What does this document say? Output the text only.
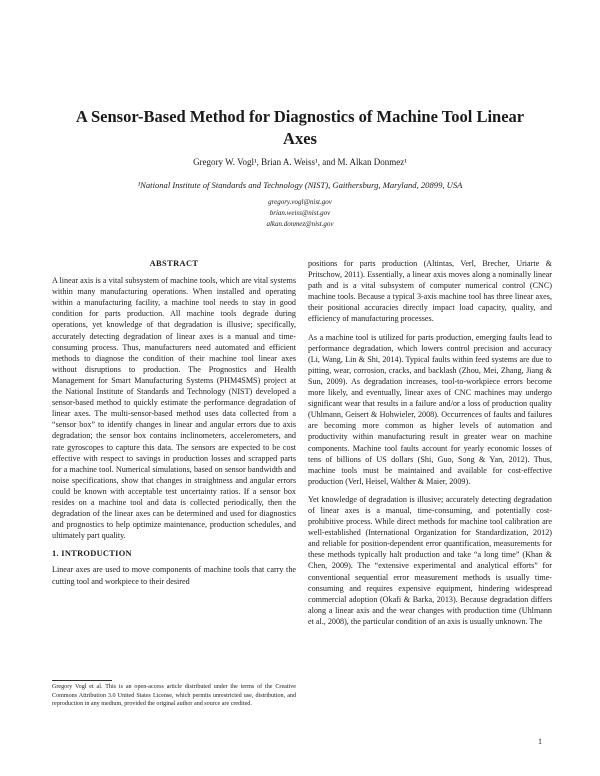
A Sensor-Based Method for Diagnostics of Machine Tool Linear Axes
Gregory W. Vogl¹, Brian A. Weiss¹, and M. Alkan Donmez¹
¹National Institute of Standards and Technology (NIST), Gaithersburg, Maryland, 20899, USA
gregory.vogl@nist.gov
brian.weiss@nist.gov
alkan.donmez@nist.gov
ABSTRACT

A linear axis is a vital subsystem of machine tools, which are vital systems within many manufacturing operations. When installed and operating within a manufacturing facility, a machine tool needs to stay in good condition for parts production. All machine tools degrade during operations, yet knowledge of that degradation is illusive; specifically, accurately detecting degradation of linear axes is a manual and time-consuming process. Thus, manufacturers need automated and efficient methods to diagnose the condition of their machine tool linear axes without disruptions to production. The Prognostics and Health Management for Smart Manufacturing Systems (PHM4SMS) project at the National Institute of Standards and Technology (NIST) developed a sensor-based method to quickly estimate the performance degradation of linear axes. The multi-sensor-based method uses data collected from a “sensor box” to identify changes in linear and angular errors due to axis degradation; the sensor box contains inclinometers, accelerometers, and rate gyroscopes to capture this data. The sensors are expected to be cost effective with respect to savings in production losses and scrapped parts for a machine tool. Numerical simulations, based on sensor bandwidth and noise specifications, show that changes in straightness and angular errors could be known with acceptable test uncertainty ratios. If a sensor box resides on a machine tool and data is collected periodically, then the degradation of the linear axes can be determined and used for diagnostics and prognostics to help optimize maintenance, production schedules, and ultimately part quality.

1. INTRODUCTION

Linear axes are used to move components of machine tools that carry the cutting tool and workpiece to their desired

positions for parts production (Altintas, Verl, Brecher, Uriarte & Pritschow, 2011). Essentially, a linear axis moves along a nominally linear path and is a vital subsystem of computer numerical control (CNC) machine tools. Because a typical 3-axis machine tool has three linear axes, their positional accuracies directly impact load capacity, quality, and efficiency of manufacturing processes.

As a machine tool is utilized for parts production, emerging faults lead to performance degradation, which lowers control precision and accuracy (Li, Wang, Lin & Shi, 2014). Typical faults within feed systems are due to pitting, wear, corrosion, cracks, and backlash (Zhou, Mei, Zhang, Jiang & Sun, 2009). As degradation increases, tool-to-workpiece errors become more likely, and eventually, linear axes of CNC machines may undergo significant wear that results in a failure and/or a loss of production quality (Uhlmann, Geisert & Hohwieler, 2008). Occurrences of faults and failures are becoming more common as higher levels of automation and productivity within manufacturing result in greater wear on machine components. Machine tool faults account for yearly economic losses of tens of billions of US dollars (Shi, Guo, Song & Yan, 2012). Thus, machine tools must be maintained and available for cost-effective production (Verl, Heisel, Walther & Maier, 2009).

Yet knowledge of degradation is illusive; accurately detecting degradation of linear axes is a manual, time-consuming, and potentially cost-prohibitive process. While direct methods for machine tool calibration are well-established (International Organization for Standardization, 2012) and reliable for position-dependent error quantification, measurements for these methods typically halt production and take “a long time” (Khan & Chen, 2009). The “extensive experimental and analytical efforts” for conventional sequential error measurement methods is usually time-consuming and requires expensive equipment, hindering widespread commercial adoption (Okafi & Barka, 2013). Because degradation differs along a linear axis and the wear changes with production time (Uhlmann et al., 2008), the particular condition of an axis is usually unknown. The

Gregory Vogl et al. This is an open-access article distributed under the terms of the Creative Commons Attribution 3.0 United States License, which permits unrestricted use, distribution, and reproduction in any medium, provided the original author and source are credited.
1
